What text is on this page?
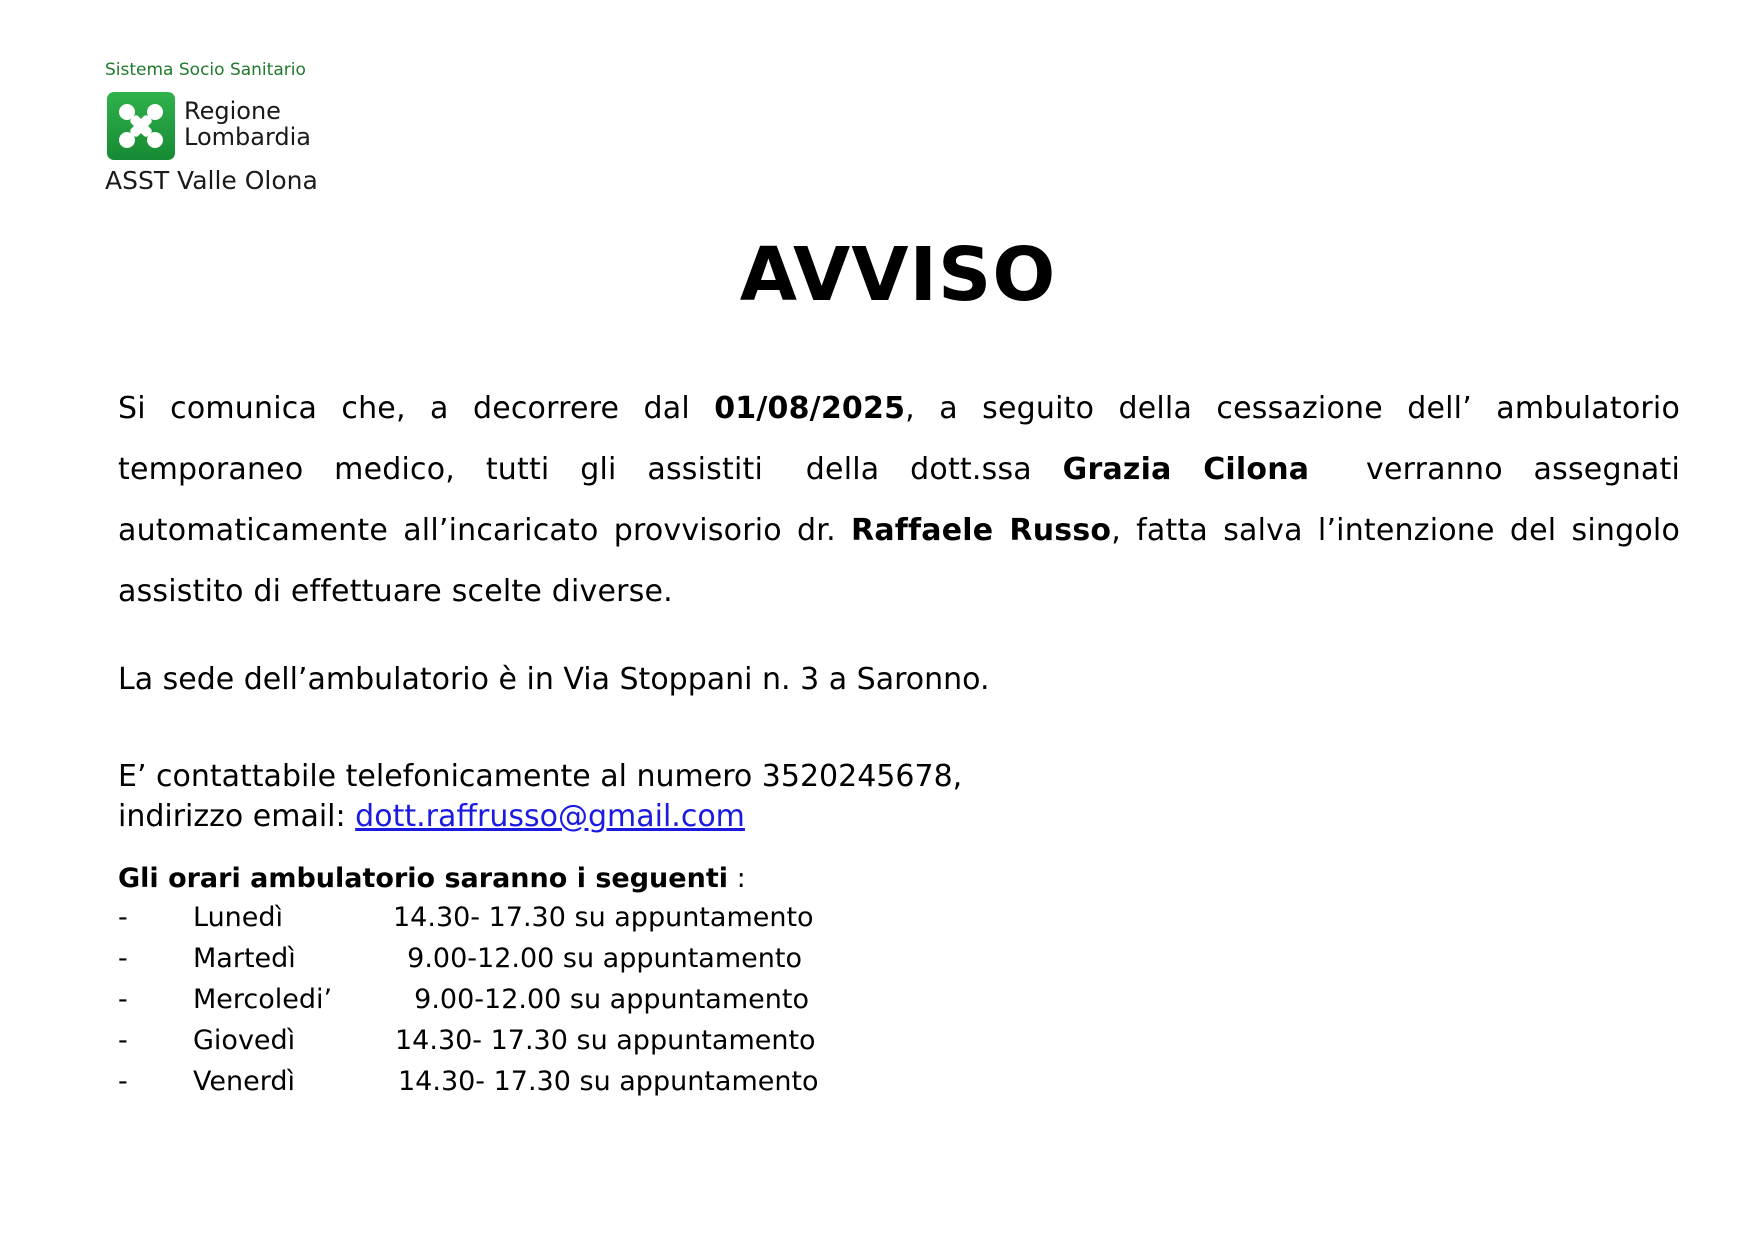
Sistema Socio Sanitario
Regione
Lombardia
ASST Valle Olona
AVVISO
Si comunica che, a decorrere dal 01/08/2025, a seguito della cessazione dell’ ambulatorio temporaneo medico, tutti gli assistiti della dott.ssa Grazia Cilona verranno assegnati automaticamente all’incaricato provvisorio dr. Raffaele Russo, fatta salva l’intenzione del singolo assistito di effettuare scelte diverse.
La sede dell’ambulatorio è in Via Stoppani n. 3 a Saronno.
E’ contattabile telefonicamente al numero 3520245678,
indirizzo email: dott.raffrusso@gmail.com
Gli orari ambulatorio saranno i seguenti :
- Lunedì	14.30- 17.30 su appuntamento
- Martedì	9.00-12.00 su appuntamento
- Mercoledi’ 9.00-12.00 su appuntamento
- Giovedì	14.30- 17.30 su appuntamento
- Venerdì	14.30- 17.30 su appuntamento
